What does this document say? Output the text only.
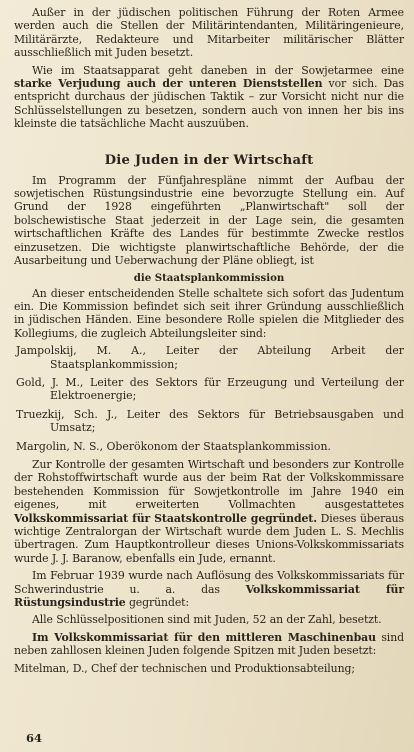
Außer in der jüdischen politischen Führung der Roten Armee werden auch die Stellen der Militärintendanten, Militäringenieure, Militärärzte, Redakteure und Mitarbeiter militärischer Blätter ausschließlich mit Juden besetzt.

Wie im Staatsapparat geht daneben in der Sowjetarmee eine starke Verjudung auch der unteren Dienststellen vor sich. Das entspricht durchaus der jüdischen Taktik – zur Vorsicht nicht nur die Schlüsselstellungen zu besetzen, sondern auch von innen her bis ins kleinste die tatsächliche Macht auszuüben.

Die Juden in der Wirtschaft

Im Programm der Fünfjahrespläne nimmt der Aufbau der sowjetischen Rüstungsindustrie eine bevorzugte Stellung ein. Auf Grund der 1928 eingeführten „Planwirtschaft" soll der bolschewistische Staat jederzeit in der Lage sein, die gesamten wirtschaftlichen Kräfte des Landes für bestimmte Zwecke restlos einzusetzen. Die wichtigste planwirtschaftliche Behörde, der die Ausarbeitung und Ueberwachung der Pläne obliegt, ist

die Staatsplankommission

An dieser entscheidenden Stelle schaltete sich sofort das Judentum ein. Die Kommission befindet sich seit ihrer Gründung ausschließlich in jüdischen Händen. Eine besondere Rolle spielen die Mitglieder des Kollegiums, die zugleich Abteilungsleiter sind:

Jampolskij, M. A., Leiter der Abteilung Arbeit der Staatsplankommission;

Gold, J. M., Leiter des Sektors für Erzeugung und Verteilung der Elektroenergie;

Truezkij, Sch. J., Leiter des Sektors für Betriebsausgaben und Umsatz;

Margolin, N. S., Oberökonom der Staatsplankommission.

Zur Kontrolle der gesamten Wirtschaft und besonders zur Kontrolle der Rohstoffwirtschaft wurde aus der beim Rat der Volkskommissare bestehenden Kommission für Sowjetkontrolle im Jahre 1940 ein eigenes, mit erweiterten Vollmachten ausgestattetes Volkskommissariat für Staatskontrolle gegründet. Dieses überaus wichtige Zentralorgan der Wirtschaft wurde dem Juden L. S. Mechlis übertragen. Zum Hauptkontrolleur dieses Unions-Volkskommissariats wurde J. J. Baranow, ebenfalls ein Jude, ernannt.

Im Februar 1939 wurde nach Auflösung des Volkskommissariats für Schwerindustrie u. a. das Volkskommissariat für Rüstungsindustrie gegründet:

Alle Schlüsselpositionen sind mit Juden, 52 an der Zahl, besetzt.

Im Volkskommissariat für den mittleren Maschinenbau sind neben zahllosen kleinen Juden folgende Spitzen mit Juden besetzt:

Mitelman, D., Chef der technischen und Produktionsabteilung;

64
